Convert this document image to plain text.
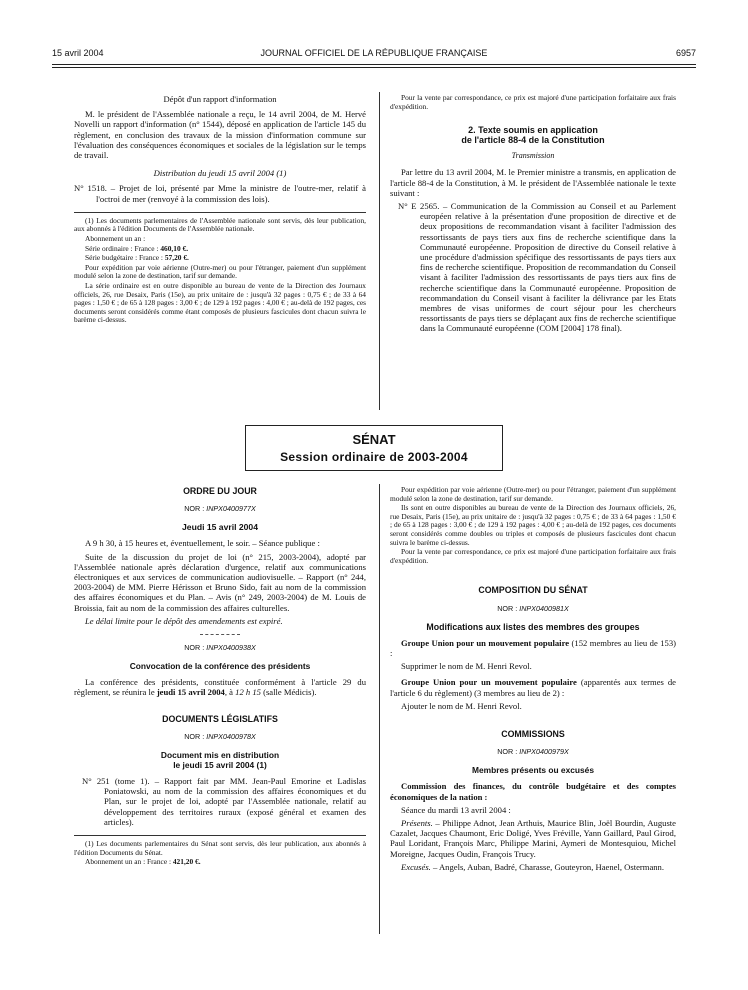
15 avril 2004	JOURNAL OFFICIEL DE LA RÉPUBLIQUE FRANÇAISE	6957

Dépôt d'un rapport d'information

M. le président de l'Assemblée nationale a reçu, le 14 avril 2004, de M. Hervé Novelli un rapport d'information (n° 1544), déposé en application de l'article 145 du règlement, en conclusion des travaux de la mission d'information commune sur l'évaluation des conséquences économiques et sociales de la législation sur le temps de travail.

Distribution du jeudi 15 avril 2004 (1)

N° 1518. – Projet de loi, présenté par Mme la ministre de l'outre-mer, relatif à l'octroi de mer (renvoyé à la commission des lois).

(1) Les documents parlementaires de l'Assemblée nationale sont servis, dès leur publication, aux abonnés à l'édition Documents de l'Assemblée nationale.

Abonnement un an :

Série ordinaire : France : 460,10 €.

Série budgétaire : France : 57,20 €.

Pour expédition par voie aérienne (Outre-mer) ou pour l'étranger, paiement d'un supplément modulé selon la zone de destination, tarif sur demande.

La série ordinaire est en outre disponible au bureau de vente de la Direction des Journaux officiels, 26, rue Desaix, Paris (15e), au prix unitaire de : jusqu'à 32 pages : 0,75 € ; de 33 à 64 pages : 1,50 € ; de 65 à 128 pages : 3,00 € ; de 129 à 192 pages : 4,00 € ; au-delà de 192 pages, ces documents seront considérés comme étant composés de plusieurs fascicules dont chacun suivra le barème ci-dessus.

Pour la vente par correspondance, ce prix est majoré d'une participation forfaitaire aux frais d'expédition.

2. Texte soumis en application
de l'article 88-4 de la Constitution

Transmission

Par lettre du 13 avril 2004, M. le Premier ministre a transmis, en application de l'article 88-4 de la Constitution, à M. le président de l'Assemblée nationale le texte suivant :

N° E 2565. – Communication de la Commission au Conseil et au Parlement européen relative à la présentation d'une proposition de directive et de deux propositions de recommandation visant à faciliter l'admission des ressortissants de pays tiers aux fins de recherche scientifique dans la Communauté européenne. Proposition de directive du Conseil relative à une procédure d'admission spécifique des ressortissants de pays tiers aux fins de recherche scientifique. Proposition de recommandation du Conseil visant à faciliter l'admission des ressortissants de pays tiers aux fins de recherche scientifique dans la Communauté européenne. Proposition de recommandation du Conseil visant à faciliter la délivrance par les Etats membres de visas uniformes de court séjour pour les chercheurs ressortissants de pays tiers se déplaçant aux fins de recherche scientifique dans la Communauté européenne (COM [2004] 178 final).

SÉNAT
Session ordinaire de 2003-2004
ORDRE DU JOUR
NOR : INPX0400977X
Jeudi 15 avril 2004

A 9 h 30, à 15 heures et, éventuellement, le soir. – Séance publique :

Suite de la discussion du projet de loi (n° 215, 2003-2004), adopté par l'Assemblée nationale après déclaration d'urgence, relatif aux communications électroniques et aux services de communication audiovisuelle. – Rapport (n° 244, 2003-2004) de MM. Pierre Hérisson et Bruno Sido, fait au nom de la commission des affaires économiques et du Plan. – Avis (n° 249, 2003-2004) de M. Louis de Broissia, fait au nom de la commission des affaires culturelles.

Le délai limite pour le dépôt des amendements est expiré.

NOR : INPX0400938X
Convocation de la conférence des présidents

La conférence des présidents, constituée conformément à l'article 29 du règlement, se réunira le jeudi 15 avril 2004, à 12 h 15 (salle Médicis).

DOCUMENTS LÉGISLATIFS
NOR : INPX0400978X
Document mis en distribution
le jeudi 15 avril 2004 (1)

N° 251 (tome 1). – Rapport fait par MM. Jean-Paul Emorine et Ladislas Poniatowski, au nom de la commission des affaires économiques et du Plan, sur le projet de loi, adopté par l'Assemblée nationale, relatif au développement des territoires ruraux (exposé général et examen des articles).

(1) Les documents parlementaires du Sénat sont servis, dès leur publication, aux abonnés à l'édition Documents du Sénat.

Abonnement un an : France : 421,20 €.

Pour expédition par voie aérienne (Outre-mer) ou pour l'étranger, paiement d'un supplément modulé selon la zone de destination, tarif sur demande.

Ils sont en outre disponibles au bureau de vente de la Direction des Journaux officiels, 26, rue Desaix, Paris (15e), au prix unitaire de : jusqu'à 32 pages : 0,75 € ; de 33 à 64 pages : 1,50 € ; de 65 à 128 pages : 3,00 € ; de 129 à 192 pages : 4,00 € ; au-delà de 192 pages, ces documents seront considérés comme doubles ou triples et composés de plusieurs fascicules dont chacun suivra le barème ci-dessus.

Pour la vente par correspondance, ce prix est majoré d'une participation forfaitaire aux frais d'expédition.

COMPOSITION DU SÉNAT
NOR : INPX0400981X
Modifications aux listes des membres des groupes

Groupe Union pour un mouvement populaire (152 membres au lieu de 153) :

Supprimer le nom de M. Henri Revol.

Groupe Union pour un mouvement populaire (apparentés aux termes de l'article 6 du règlement) (3 membres au lieu de 2) :

Ajouter le nom de M. Henri Revol.

COMMISSIONS
NOR : INPX0400979X
Membres présents ou excusés

Commission des finances, du contrôle budgétaire et des comptes économiques de la nation :

Séance du mardi 13 avril 2004 :

Présents. – Philippe Adnot, Jean Arthuis, Maurice Blin, Joël Bourdin, Auguste Cazalet, Jacques Chaumont, Eric Doligé, Yves Fréville, Yann Gaillard, Paul Girod, Paul Loridant, François Marc, Philippe Marini, Aymeri de Montesquiou, Michel Moreigne, Jacques Oudin, François Trucy.

Excusés. – Angels, Auban, Badré, Charasse, Gouteyron, Haenel, Ostermann.
